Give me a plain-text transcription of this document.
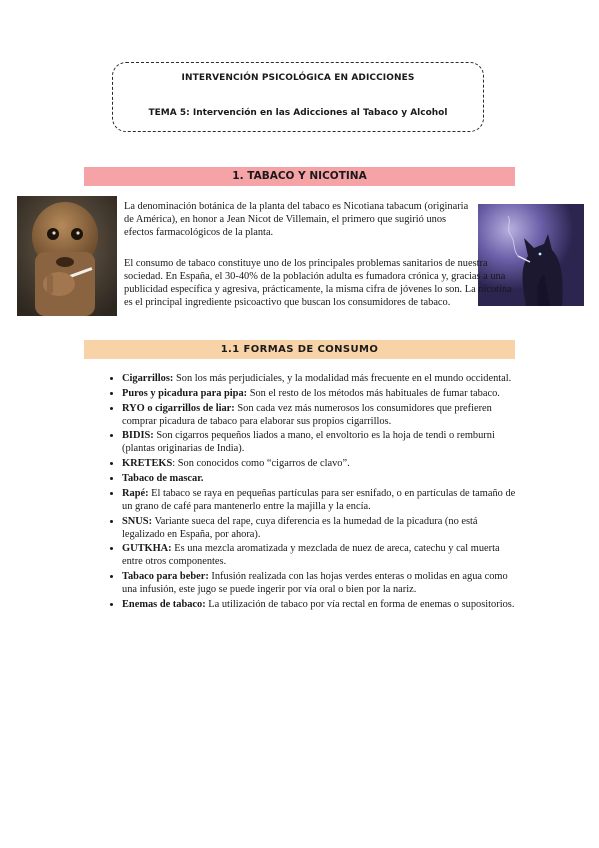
INTERVENCIÓN PSICOLÓGICA EN ADICCIONES
TEMA 5: Intervención en las Adicciones al Tabaco y Alcohol
1. TABACO Y NICOTINA

La denominación botánica de la planta del tabaco es Nicotiana tabacum (originaria de América), en honor a Jean Nicot de Villemain, el primero que sugirió unos efectos farmacológicos de la planta.

El consumo de tabaco constituye uno de los principales problemas sanitarios de nuestra sociedad. En España, el 30-40% de la población adulta es fumadora crónica y, gracias a una publicidad específica y agresiva, prácticamente, la misma cifra de jóvenes lo son. La nicotina es el principal ingrediente psicoactivo que buscan los consumidores de tabaco.

1.1 FORMAS DE CONSUMO
• Cigarrillos: Son los más perjudiciales, y la modalidad más frecuente en el mundo occidental.
• Puros y picadura para pipa: Son el resto de los métodos más habituales de fumar tabaco.
• RYO o cigarrillos de liar: Son cada vez más numerosos los consumidores que prefieren comprar picadura de tabaco para elaborar sus propios cigarrillos.
• BIDIS: Son cigarros pequeños liados a mano, el envoltorio es la hoja de tendi o remburni (plantas originarias de India).
• KRETEKS: Son conocidos como “cigarros de clavo”.
• Tabaco de mascar.
• Rapé: El tabaco se raya en pequeñas partículas para ser esnifado, o en partículas de tamaño de un grano de café para mantenerlo entre la majilla y la encía.
• SNUS: Variante sueca del rape, cuya diferencia es la humedad de la picadura (no está legalizado en España, por ahora).
• GUTKHA: Es una mezcla aromatizada y mezclada de nuez de areca, catechu y cal muerta entre otros componentes.
• Tabaco para beber: Infusión realizada con las hojas verdes enteras o molidas en agua como una infusión, este jugo se puede ingerir por vía oral o bien por la nariz.
• Enemas de tabaco: La utilización de tabaco por vía rectal en forma de enemas o supositorios.
